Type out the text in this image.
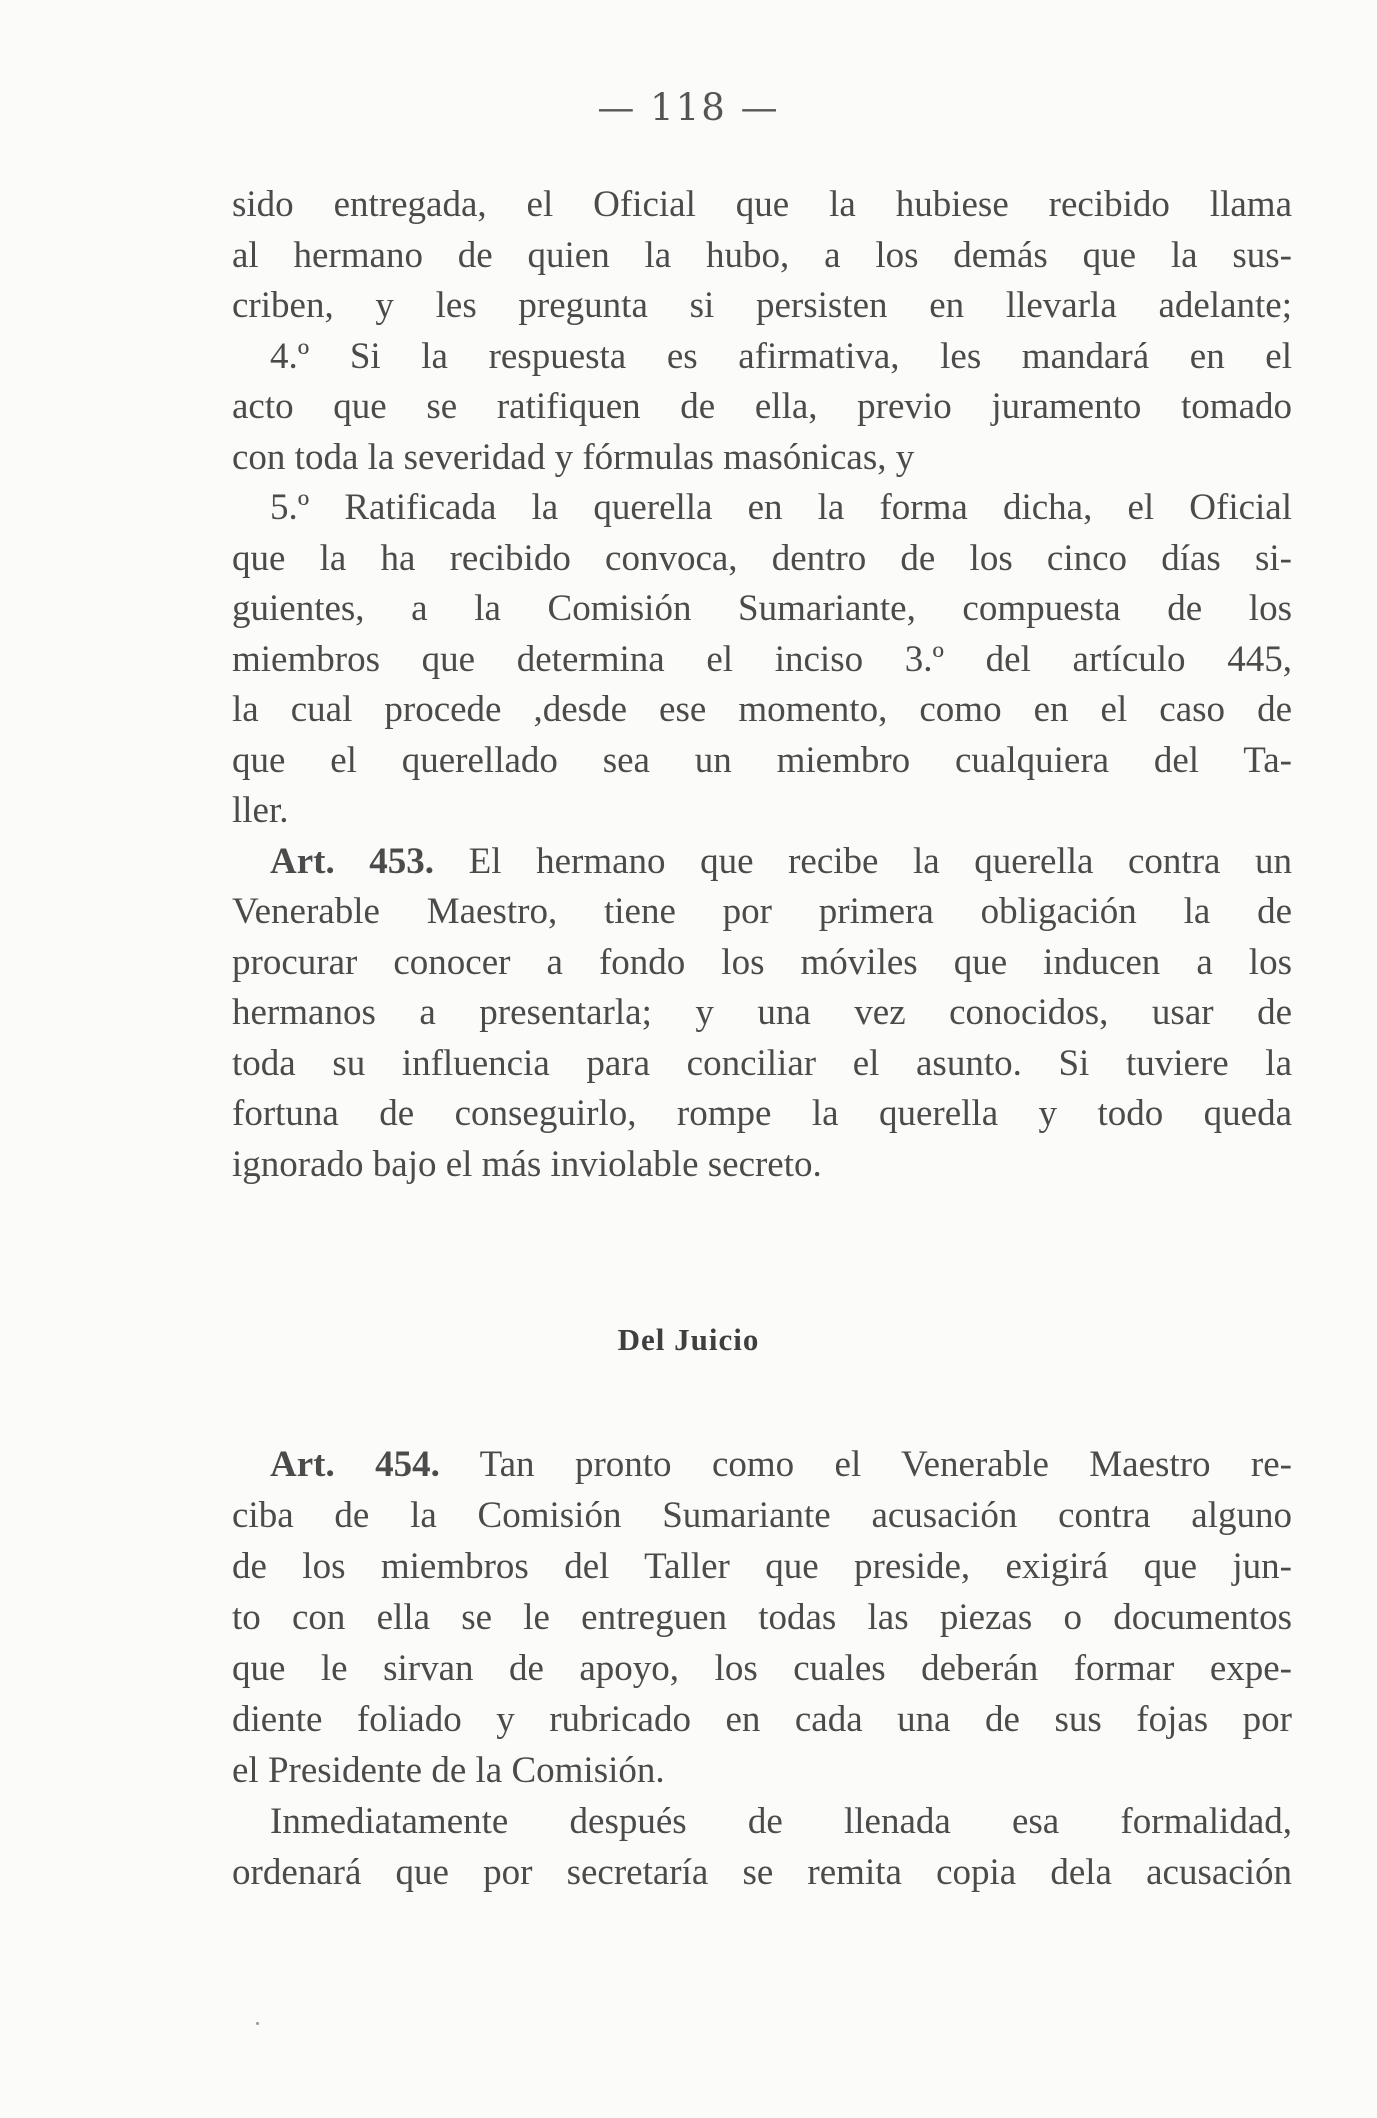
— 118 —
sido entregada, el Oficial que la hubiese recibido llama
al hermano de quien la hubo, a los demás que la sus-
criben, y les pregunta si persisten en llevarla adelante;
4.º Si la respuesta es afirmativa, les mandará en el
acto que se ratifiquen de ella, previo juramento tomado
con toda la severidad y fórmulas masónicas, y
5.º Ratificada la querella en la forma dicha, el Oficial
que la ha recibido convoca, dentro de los cinco días si-
guientes, a la Comisión Sumariante, compuesta de los
miembros que determina el inciso 3.º del artículo 445,
la cual procede ,desde ese momento, como en el caso de
que el querellado sea un miembro cualquiera del Ta-
ller.
Art. 453. El hermano que recibe la querella contra un
Venerable Maestro, tiene por primera obligación la de
procurar conocer a fondo los móviles que inducen a los
hermanos a presentarla; y una vez conocidos, usar de
toda su influencia para conciliar el asunto. Si tuviere la
fortuna de conseguirlo, rompe la querella y todo queda
ignorado bajo el más inviolable secreto.
Del Juicio
Art. 454. Tan pronto como el Venerable Maestro re-
ciba de la Comisión Sumariante acusación contra alguno
de los miembros del Taller que preside, exigirá que jun-
to con ella se le entreguen todas las piezas o documentos
que le sirvan de apoyo, los cuales deberán formar expe-
diente foliado y rubricado en cada una de sus fojas por
el Presidente de la Comisión.
Inmediatamente después de llenada esa formalidad,
ordenará que por secretaría se remita copia dela acusación
